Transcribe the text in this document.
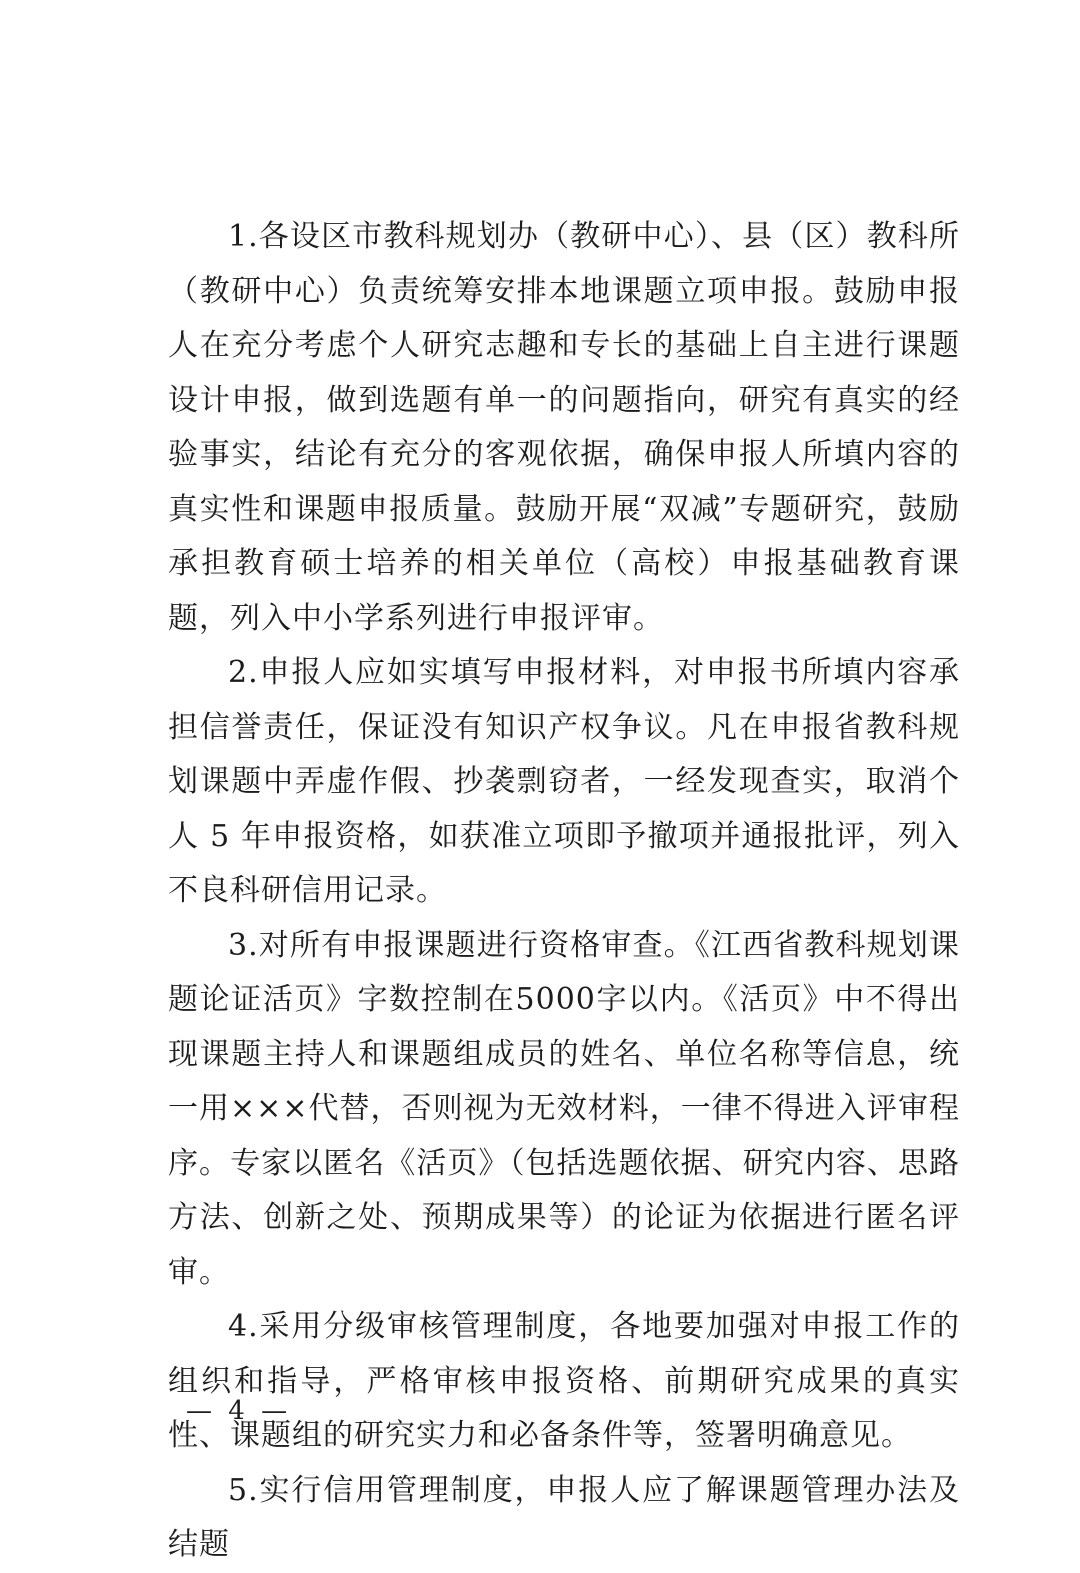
1.各设区市教科规划办（教研中心）、县（区）教科所（教研中心）负责统筹安排本地课题立项申报。鼓励申报人在充分考虑个人研究志趣和专长的基础上自主进行课题设计申报，做到选题有单一的问题指向，研究有真实的经验事实，结论有充分的客观依据，确保申报人所填内容的真实性和课题申报质量。鼓励开展“双减”专题研究，鼓励承担教育硕士培养的相关单位（高校）申报基础教育课题，列入中小学系列进行申报评审。

2.申报人应如实填写申报材料，对申报书所填内容承担信誉责任，保证没有知识产权争议。凡在申报省教科规划课题中弄虚作假、抄袭剽窃者，一经发现查实，取消个人 5 年申报资格，如获准立项即予撤项并通报批评，列入不良科研信用记录。

3.对所有申报课题进行资格审查。《江西省教科规划课题论证活页》字数控制在5000字以内。《活页》中不得出现课题主持人和课题组成员的姓名、单位名称等信息，统一用×××代替，否则视为无效材料，一律不得进入评审程序。专家以匿名《活页》（包括选题依据、研究内容、思路方法、创新之处、预期成果等）的论证为依据进行匿名评审。

4.采用分级审核管理制度，各地要加强对申报工作的组织和指导，严格审核申报资格、前期研究成果的真实性、课题组的研究实力和必备条件等，签署明确意见。

5.实行信用管理制度，申报人应了解课题管理办法及结题

— 4 —
